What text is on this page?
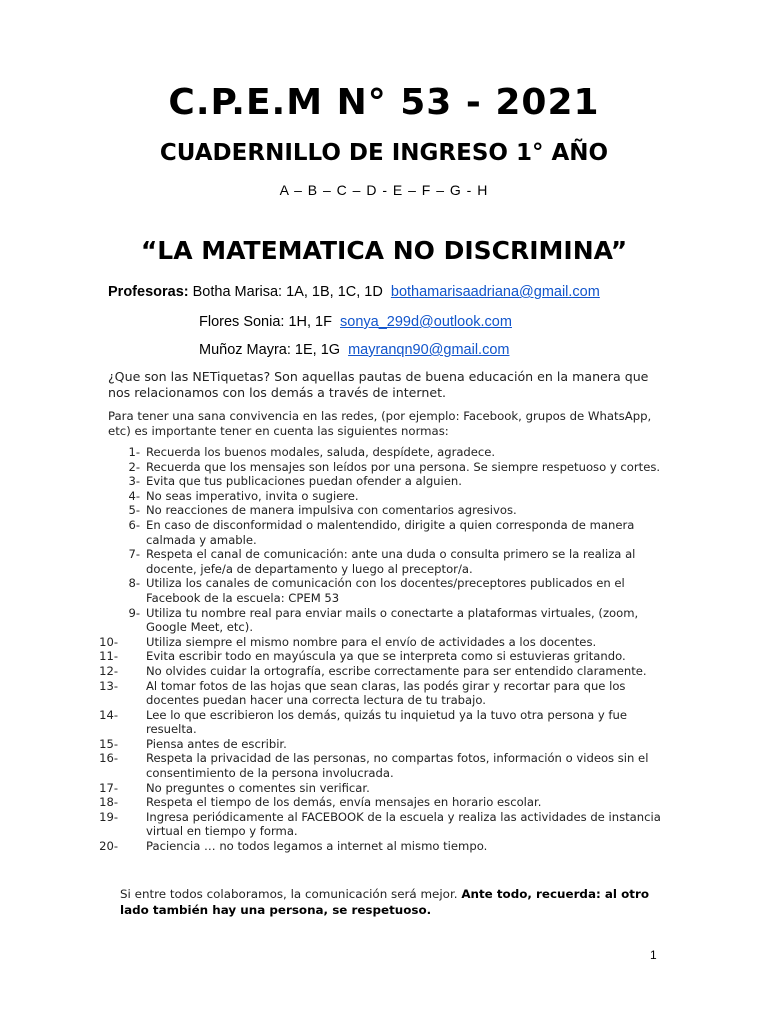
C.P.E.M N° 53 - 2021
CUADERNILLO DE INGRESO 1° AÑO
A – B – C – D - E – F – G - H
“LA MATEMATICA NO DISCRIMINA”
Profesoras: Botha Marisa: 1A, 1B, 1C, 1D bothamarisaadriana@gmail.com
Flores Sonia: 1H, 1F sonya_299d@outlook.com
Muñoz Mayra: 1E, 1G mayranqn90@gmail.com
¿Que son las NETiquetas? Son aquellas pautas de buena educación en la manera que nos relacionamos con los demás a través de internet.
Para tener una sana convivencia en las redes, (por ejemplo: Facebook, grupos de WhatsApp, etc) es importante tener en cuenta las siguientes normas:
1- Recuerda los buenos modales, saluda, despídete, agradece.
2- Recuerda que los mensajes son leídos por una persona. Se siempre respetuoso y cortes.
3- Evita que tus publicaciones puedan ofender a alguien.
4- No seas imperativo, invita o sugiere.
5- No reacciones de manera impulsiva con comentarios agresivos.
6- En caso de disconformidad o malentendido, dirigite a quien corresponda de manera calmada y amable.
7- Respeta el canal de comunicación: ante una duda o consulta primero se la realiza al docente, jefe/a de departamento y luego al preceptor/a.
8- Utiliza los canales de comunicación con los docentes/preceptores publicados en el Facebook de la escuela: CPEM 53
9- Utiliza tu nombre real para enviar mails o conectarte a plataformas virtuales, (zoom, Google Meet, etc).
10-	Utiliza siempre el mismo nombre para el envío de actividades a los docentes.
11-	Evita escribir todo en mayúscula ya que se interpreta como si estuvieras gritando.
12-	No olvides cuidar la ortografía, escribe correctamente para ser entendido claramente.
13-	Al tomar fotos de las hojas que sean claras, las podés girar y recortar para que los docentes puedan hacer una correcta lectura de tu trabajo.
14-	Lee lo que escribieron los demás, quizás tu inquietud ya la tuvo otra persona y fue resuelta.
15-	Piensa antes de escribir.
16-	Respeta la privacidad de las personas, no compartas fotos, información o videos sin el consentimiento de la persona involucrada.
17-	No preguntes o comentes sin verificar.
18-	Respeta el tiempo de los demás, envía mensajes en horario escolar.
19-	Ingresa periódicamente al FACEBOOK de la escuela y realiza las actividades de instancia virtual en tiempo y forma.
20-	Paciencia … no todos legamos a internet al mismo tiempo.
Si entre todos colaboramos, la comunicación será mejor. Ante todo, recuerda: al otro lado también hay una persona, se respetuoso.
1
